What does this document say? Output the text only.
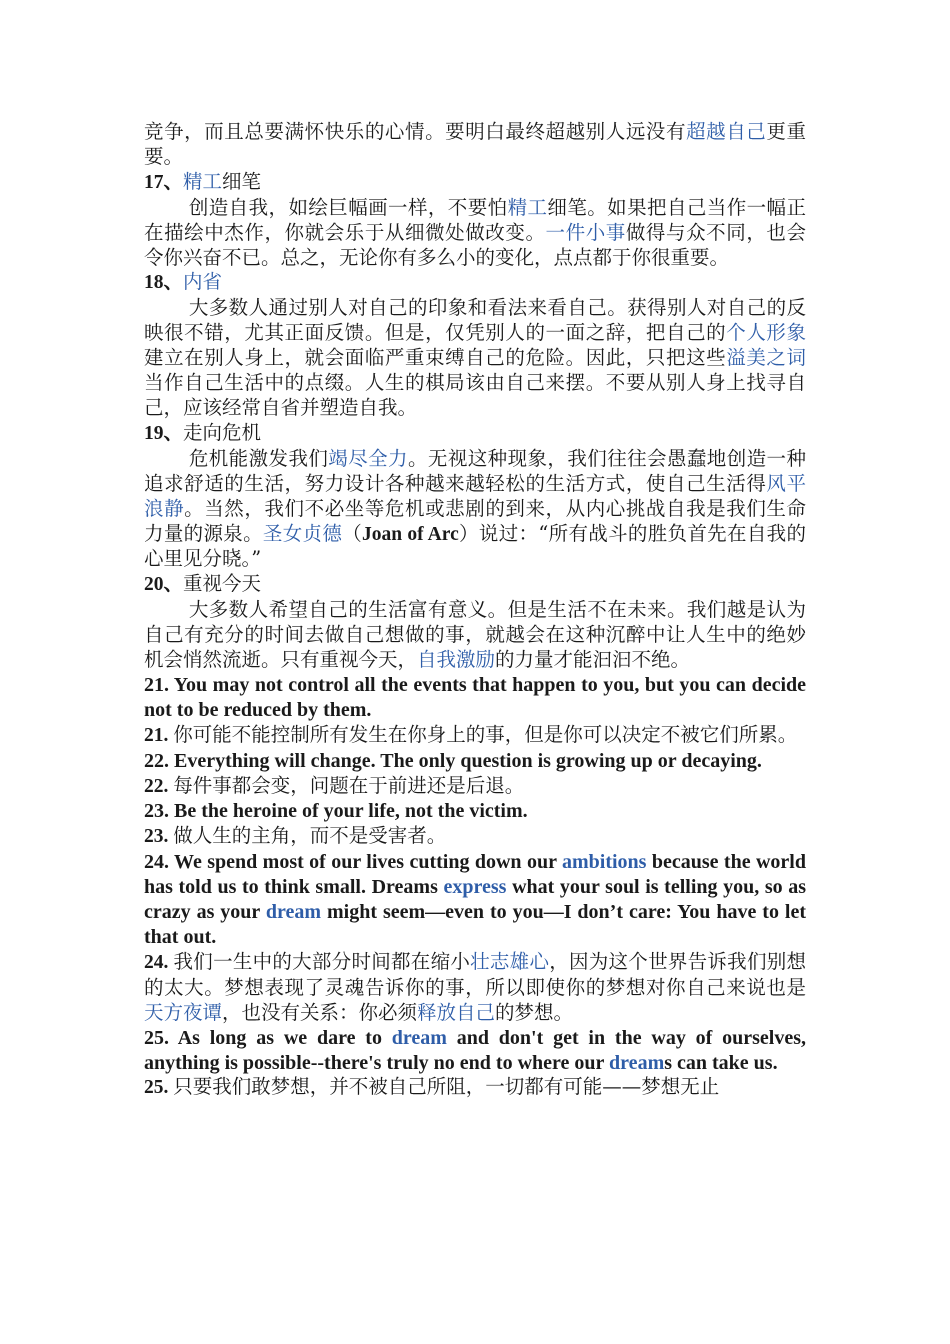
竞争，而且总要满怀快乐的心情。要明白最终超越别人远没有超越自己更重要。

17、精工细笔

创造自我，如绘巨幅画一样，不要怕精工细笔。如果把自己当作一幅正在描绘中杰作，你就会乐于从细微处做改变。一件小事做得与众不同，也会令你兴奋不已。总之，无论你有多么小的变化，点点都于你很重要。

18、内省

大多数人通过别人对自己的印象和看法来看自己。获得别人对自己的反映很不错，尤其正面反馈。但是，仅凭别人的一面之辞，把自己的个人形象建立在别人身上，就会面临严重束缚自己的危险。因此，只把这些溢美之词当作自己生活中的点缀。人生的棋局该由自己来摆。不要从别人身上找寻自己，应该经常自省并塑造自我。

19、走向危机

危机能激发我们竭尽全力。无视这种现象，我们往往会愚蠢地创造一种追求舒适的生活，努力设计各种越来越轻松的生活方式，使自己生活得风平浪静。当然，我们不必坐等危机或悲剧的到来，从内心挑战自我是我们生命力量的源泉。圣女贞德（Joan of Arc）说过：“所有战斗的胜负首先在自我的心里见分晓。”

20、重视今天

大多数人希望自己的生活富有意义。但是生活不在未来。我们越是认为自己有充分的时间去做自己想做的事，就越会在这种沉醉中让人生中的绝妙机会悄然流逝。只有重视今天，自我激励的力量才能汩汩不绝。

21. You may not control all the events that happen to you, but you can decide not to be reduced by them.

21. 你可能不能控制所有发生在你身上的事，但是你可以决定不被它们所累。

22. Everything will change. The only question is growing up or decaying.

22. 每件事都会变，问题在于前进还是后退。

23. Be the heroine of your life, not the victim.

23. 做人生的主角，而不是受害者。

24. We spend most of our lives cutting down our ambitions because the world has told us to think small. Dreams express what your soul is telling you, so as crazy as your dream might seem—even to you—I don’t care: You have to let that out.

24. 我们一生中的大部分时间都在缩小壮志雄心，因为这个世界告诉我们别想的太大。梦想表现了灵魂告诉你的事，所以即使你的梦想对你自己来说也是天方夜谭，也没有关系：你必须释放自己的梦想。

25. As long as we dare to dream and don't get in the way of ourselves, anything is possible--there's truly no end to where our dreams can take us.

25. 只要我们敢梦想，并不被自己所阻，一切都有可能——梦想无止
